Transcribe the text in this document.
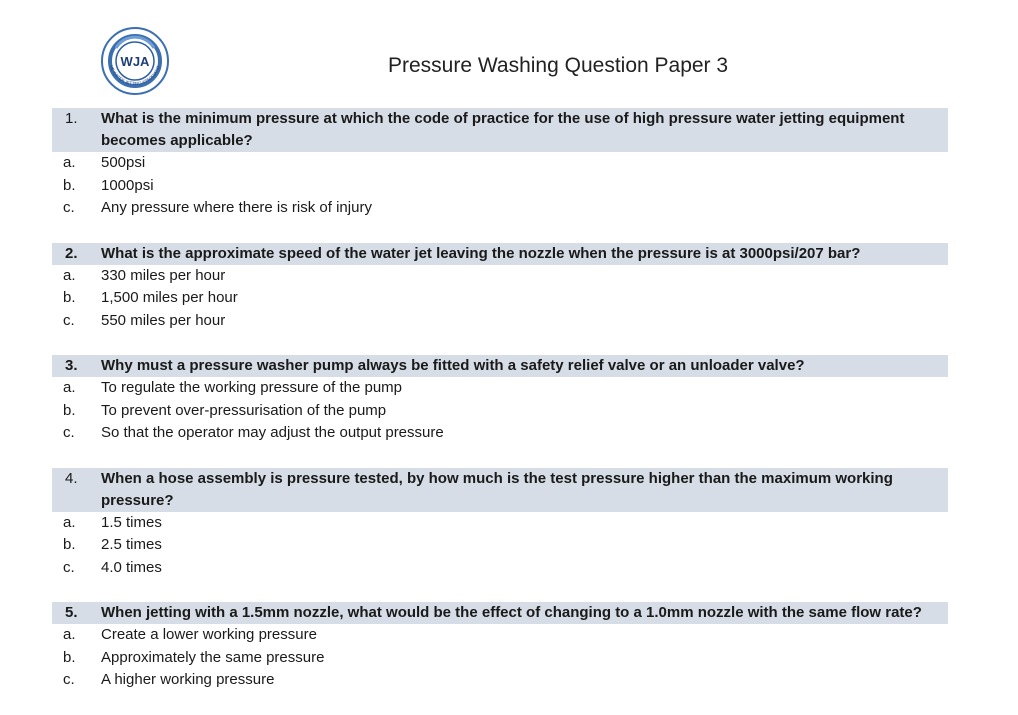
WJA
HE WATER JETTING ASSOCIATIO	Pressure Washing Question Paper 3
1.	What is the minimum pressure at which the code of practice for the use of high pressure water jetting equipment becomes applicable?
a.	500psi
b.	1000psi
c.	Any pressure where there is risk of injury
2.	What is the approximate speed of the water jet leaving the nozzle when the pressure is at 3000psi/207 bar?
a.	330 miles per hour
b.	1,500 miles per hour
c.	550 miles per hour
3.	Why must a pressure washer pump always be fitted with a safety relief valve or an unloader valve?
a.	To regulate the working pressure of the pump
b.	To prevent over-pressurisation of the pump
c.	So that the operator may adjust the output pressure
4.	When a hose assembly is pressure tested, by how much is the test pressure higher than the maximum working pressure?
a.	1.5 times
b.	2.5 times
c.	4.0 times
5.	When jetting with a 1.5mm nozzle, what would be the effect of changing to a 1.0mm nozzle with the same flow rate?
a.	Create a lower working pressure
b.	Approximately the same pressure
c.	A higher working pressure
